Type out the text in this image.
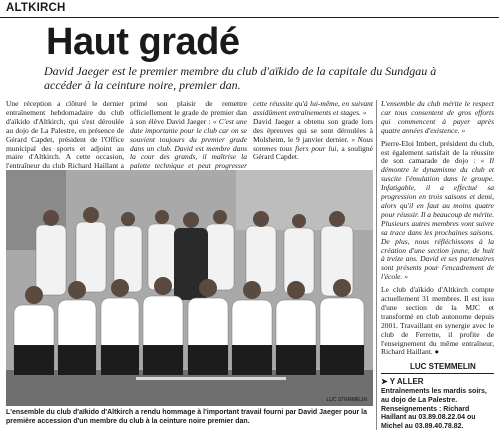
ALTKIRCH
Haut gradé

David Jaeger est le premier membre du club d'aïkido de la capitale du Sundgau à accéder à la ceinture noire, premier dan.

Une réception a clôturé le dernier entraînement hebdomadaire du club d'aïkido d'Altkirch, qui s'est déroulée au dojo de La Palestre, en présence de Gérard Capdet, président de l'Office municipal des sports et adjoint au maire d'Altkirch. A cette occasion, l'entraîneur du club Richard Haillant a

primé son plaisir de remettre officiellement le grade de premier dan à son élève David Jaeger : « C'est une date importante pour le club car on se souvient toujours du premier grade dans un club. David est membre dans la cour des grands, il maîtrise la palette technique et peut progresser

cette réussite qu'à lui-même, en suivant assidûment entraînements et stages. »
David Jaeger a obtenu son grade lors des épreuves qui se sont déroulées à Molsheim, le 9 janvier dernier. « Nous sommes tous fiers pour lui, a souligné Gérard Capdet.

L'ensemble du club mérite le respect car tous consentent de gros efforts qui commencent à payer après quatre années d'existence. »

Pierre-Eloi Imbert, président du club, est également satisfait de la réussite de son camarade de dojo : « Il démontre le dynamisme du club et suscite l'émulation dans le groupe. Infatigable, il a effectué sa progression en trois saisons et demi, alors qu'il en faut au moins quatre pour réussir. Il a beaucoup de mérite. Plusieurs autres membres vont suivre sa trace dans les prochaines saisons. De plus, nous réfléchissons à la création d'une section jeune, de huit à treize ans. David et ses partenaires sont présents pour l'encadrement de l'école. »

Le club d'aïkido d'Altkirch compte actuellement 31 membres. Il est issu d'une section de la MJC et transformé en club autonome depuis 2001. Travaillant en synergie avec le club de Ferrette, il profite de l'enseignement du même entraîneur, Richard Haillant. ●

LUC STEMMELIN
➤ Y ALLER

Entraînements les mardis soirs, au dojo de La Palestre. Renseignements : Richard Haillant au 03.89.08.22.04 ou Michel au 03.89.40.78.82.

LUC STEMMELIN

L'ensemble du club d'aïkido d'Altkirch a rendu hommage à l'important travail fourni par David Jaeger pour la première accession d'un membre du club à la ceinture noire premier dan.
